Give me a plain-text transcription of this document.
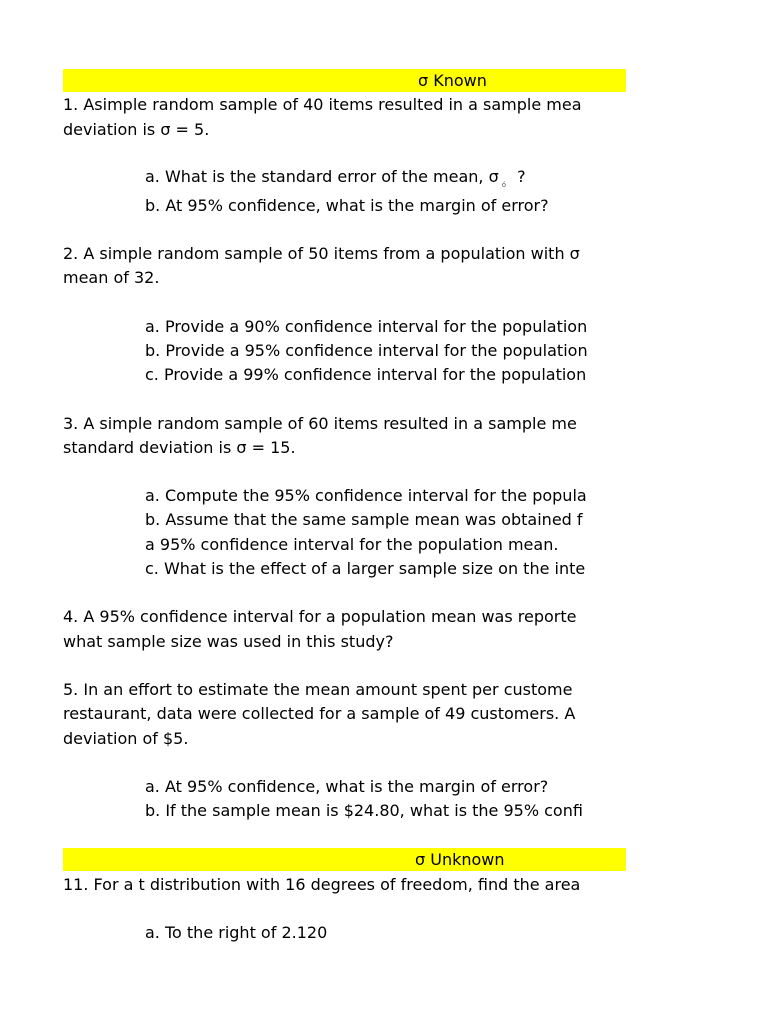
σ Known
1. Asimple random sample of 40 items resulted in a sample mea
deviation is σ = 5.
a. What is the standard error of the mean, σ $_ó$ ?
b. At 95% confidence, what is the margin of error?
2. A simple random sample of 50 items from a population with σ
mean of 32.
a. Provide a 90% confidence interval for the population
b. Provide a 95% confidence interval for the population
c. Provide a 99% confidence interval for the population
3. A simple random sample of 60 items resulted in a sample me
standard deviation is σ = 15.
a. Compute the 95% confidence interval for the popula
b. Assume that the same sample mean was obtained f
a 95% confidence interval for the population mean.
c. What is the effect of a larger sample size on the inte
4. A 95% confidence interval for a population mean was reporte
what sample size was used in this study?
5. In an effort to estimate the mean amount spent per custome
restaurant, data were collected for a sample of 49 customers. A
deviation of $5.
a. At 95% confidence, what is the margin of error?
b. If the sample mean is $24.80, what is the 95% confi
σ Unknown
11. For a t distribution with 16 degrees of freedom, find the area
a. To the right of 2.120
